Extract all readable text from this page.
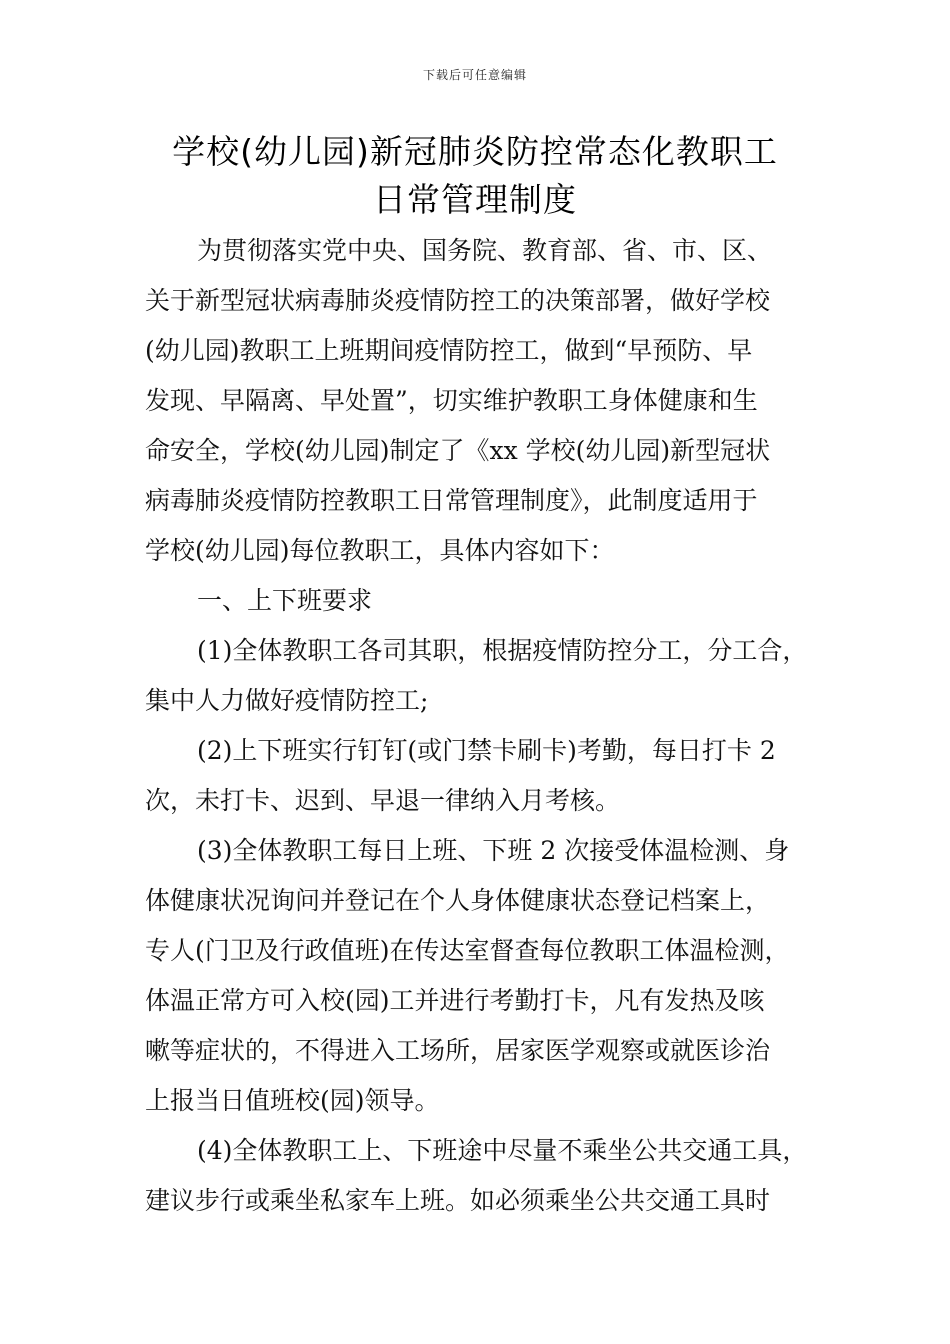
下载后可任意编辑
学校(幼儿园)新冠肺炎防控常态化教职工
日常管理制度
为贯彻落实党中央、国务院、教育部、省、市、区、
关于新型冠状病毒肺炎疫情防控工的决策部署，做好学校
(幼儿园)教职工上班期间疫情防控工，做到“早预防、早
发现、早隔离、早处置”，切实维护教职工身体健康和生
命安全，学校(幼儿园)制定了《xx 学校(幼儿园)新型冠状
病毒肺炎疫情防控教职工日常管理制度》，此制度适用于
学校(幼儿园)每位教职工，具体内容如下：
一、上下班要求
(1)全体教职工各司其职，根据疫情防控分工，分工合，
集中人力做好疫情防控工;
(2)上下班实行钉钉(或门禁卡刷卡)考勤，每日打卡 2
次，未打卡、迟到、早退一律纳入月考核。
(3)全体教职工每日上班、下班 2 次接受体温检测、身
体健康状况询问并登记在个人身体健康状态登记档案上，
专人(门卫及行政值班)在传达室督查每位教职工体温检测，
体温正常方可入校(园)工并进行考勤打卡，凡有发热及咳
嗽等症状的，不得进入工场所，居家医学观察或就医诊治
上报当日值班校(园)领导。
(4)全体教职工上、下班途中尽量不乘坐公共交通工具，
建议步行或乘坐私家车上班。如必须乘坐公共交通工具时
